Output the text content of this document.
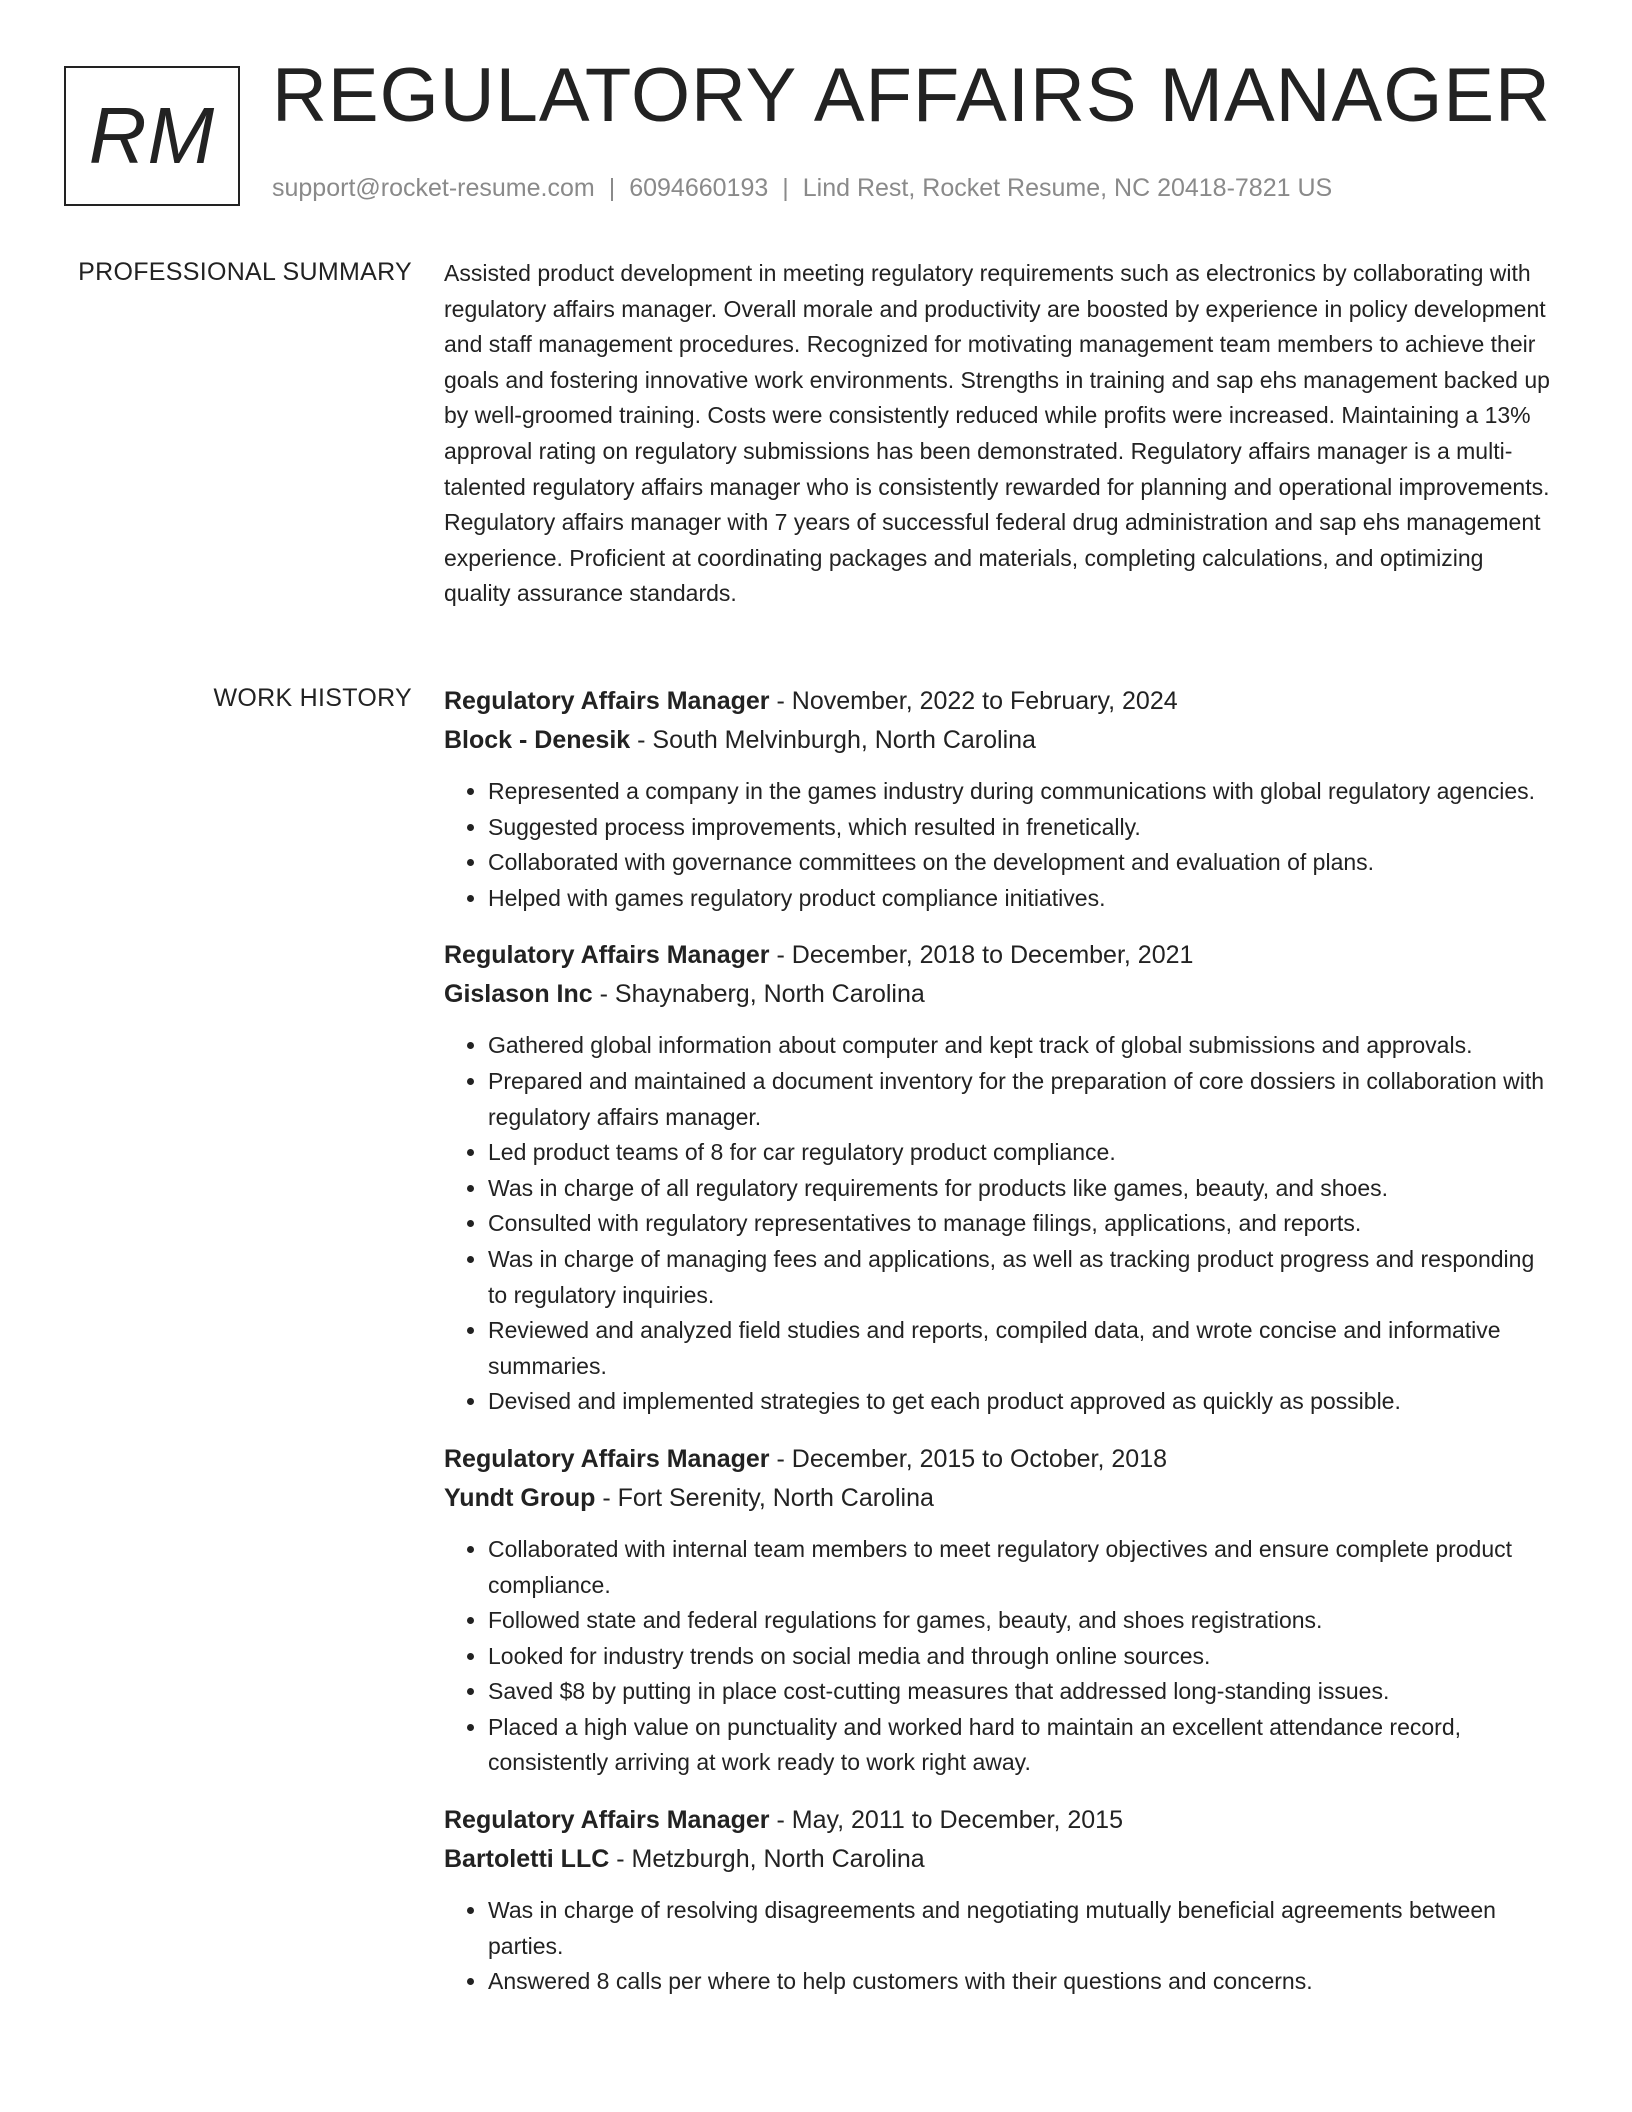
RM REGULATORY AFFAIRS MANAGER
support@rocket-resume.com | 6094660193 | Lind Rest, Rocket Resume, NC 20418-7821 US
PROFESSIONAL SUMMARY Assisted product development in meeting regulatory requirements such as electronics by collaborating with regulatory affairs manager. Overall morale and productivity are boosted by experience in policy development and staff management procedures. Recognized for motivating management team members to achieve their goals and fostering innovative work environments. Strengths in training and sap ehs management backed up by well-groomed training. Costs were consistently reduced while profits were increased. Maintaining a 13% approval rating on regulatory submissions has been demonstrated. Regulatory affairs manager is a multi-talented regulatory affairs manager who is consistently rewarded for planning and operational improvements. Regulatory affairs manager with 7 years of successful federal drug administration and sap ehs management experience. Proficient at coordinating packages and materials, completing calculations, and optimizing quality assurance standards.
WORK HISTORY Regulatory Affairs Manager - November, 2022 to February, 2024
Block - Denesik - South Melvinburgh, North Carolina
• Represented a company in the games industry during communications with global regulatory agencies.
• Suggested process improvements, which resulted in frenetically.
• Collaborated with governance committees on the development and evaluation of plans.
• Helped with games regulatory product compliance initiatives.
Regulatory Affairs Manager - December, 2018 to December, 2021
Gislason Inc - Shaynaberg, North Carolina
• Gathered global information about computer and kept track of global submissions and approvals.
• Prepared and maintained a document inventory for the preparation of core dossiers in collaboration with regulatory affairs manager.
• Led product teams of 8 for car regulatory product compliance.
• Was in charge of all regulatory requirements for products like games, beauty, and shoes.
• Consulted with regulatory representatives to manage filings, applications, and reports.
• Was in charge of managing fees and applications, as well as tracking product progress and responding to regulatory inquiries.
• Reviewed and analyzed field studies and reports, compiled data, and wrote concise and informative summaries.
• Devised and implemented strategies to get each product approved as quickly as possible.
Regulatory Affairs Manager - December, 2015 to October, 2018
Yundt Group - Fort Serenity, North Carolina
• Collaborated with internal team members to meet regulatory objectives and ensure complete product compliance.
• Followed state and federal regulations for games, beauty, and shoes registrations.
• Looked for industry trends on social media and through online sources.
• Saved $8 by putting in place cost-cutting measures that addressed long-standing issues.
• Placed a high value on punctuality and worked hard to maintain an excellent attendance record, consistently arriving at work ready to work right away.
Regulatory Affairs Manager - May, 2011 to December, 2015
Bartoletti LLC - Metzburgh, North Carolina
• Was in charge of resolving disagreements and negotiating mutually beneficial agreements between parties.
• Answered 8 calls per where to help customers with their questions and concerns.
